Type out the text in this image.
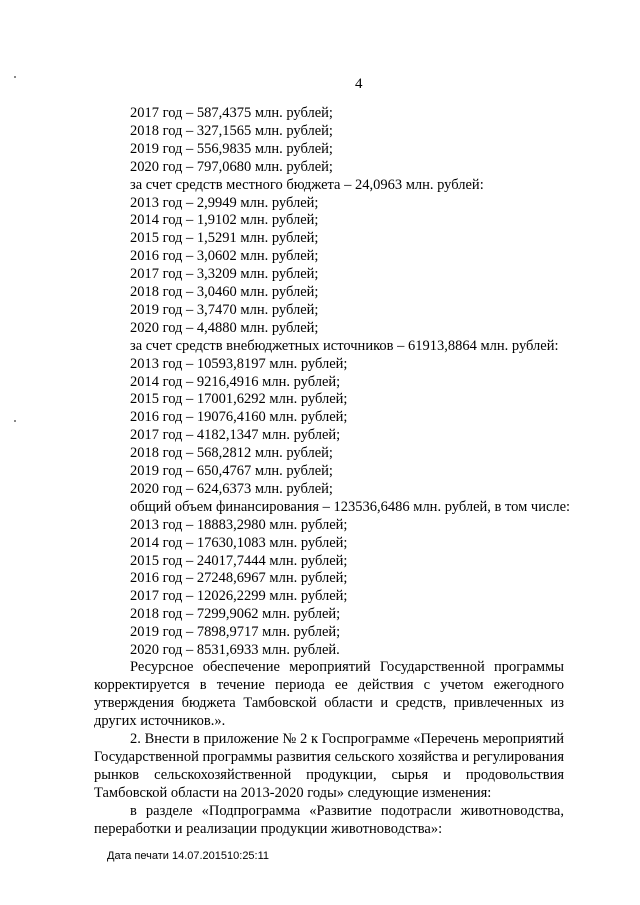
4
2017 год – 587,4375 млн. рублей;
2018 год – 327,1565 млн. рублей;
2019 год – 556,9835 млн. рублей;
2020 год – 797,0680 млн. рублей;
за счет средств местного бюджета – 24,0963 млн. рублей:
2013 год – 2,9949 млн. рублей;
2014 год – 1,9102 млн. рублей;
2015 год – 1,5291 млн. рублей;
2016 год – 3,0602 млн. рублей;
2017 год – 3,3209 млн. рублей;
2018 год – 3,0460 млн. рублей;
2019 год – 3,7470 млн. рублей;
2020 год – 4,4880 млн. рублей;
за счет средств внебюджетных источников – 61913,8864 млн. рублей:
2013 год – 10593,8197 млн. рублей;
2014 год – 9216,4916 млн. рублей;
2015 год – 17001,6292 млн. рублей;
2016 год – 19076,4160 млн. рублей;
2017 год – 4182,1347 млн. рублей;
2018 год – 568,2812 млн. рублей;
2019 год – 650,4767 млн. рублей;
2020 год – 624,6373 млн. рублей;
общий объем финансирования – 123536,6486 млн. рублей, в том числе:
2013 год – 18883,2980 млн. рублей;
2014 год – 17630,1083 млн. рублей;
2015 год – 24017,7444 млн. рублей;
2016 год – 27248,6967 млн. рублей;
2017 год – 12026,2299 млн. рублей;
2018 год – 7299,9062 млн. рублей;
2019 год – 7898,9717 млн. рублей;
2020 год – 8531,6933 млн. рублей.
Ресурсное обеспечение мероприятий Государственной программы корректируется в течение периода ее действия с учетом ежегодного утверждения бюджета Тамбовской области и средств, привлеченных из других источников.».
2. Внести в приложение № 2 к Госпрограмме «Перечень мероприятий Государственной программы развития сельского хозяйства и регулирования рынков сельскохозяйственной продукции, сырья и продовольствия Тамбовской области на 2013-2020 годы» следующие изменения:
в разделе «Подпрограмма «Развитие подотрасли животноводства, переработки и реализации продукции животноводства»:
Дата печати 14.07.201510:25:11
